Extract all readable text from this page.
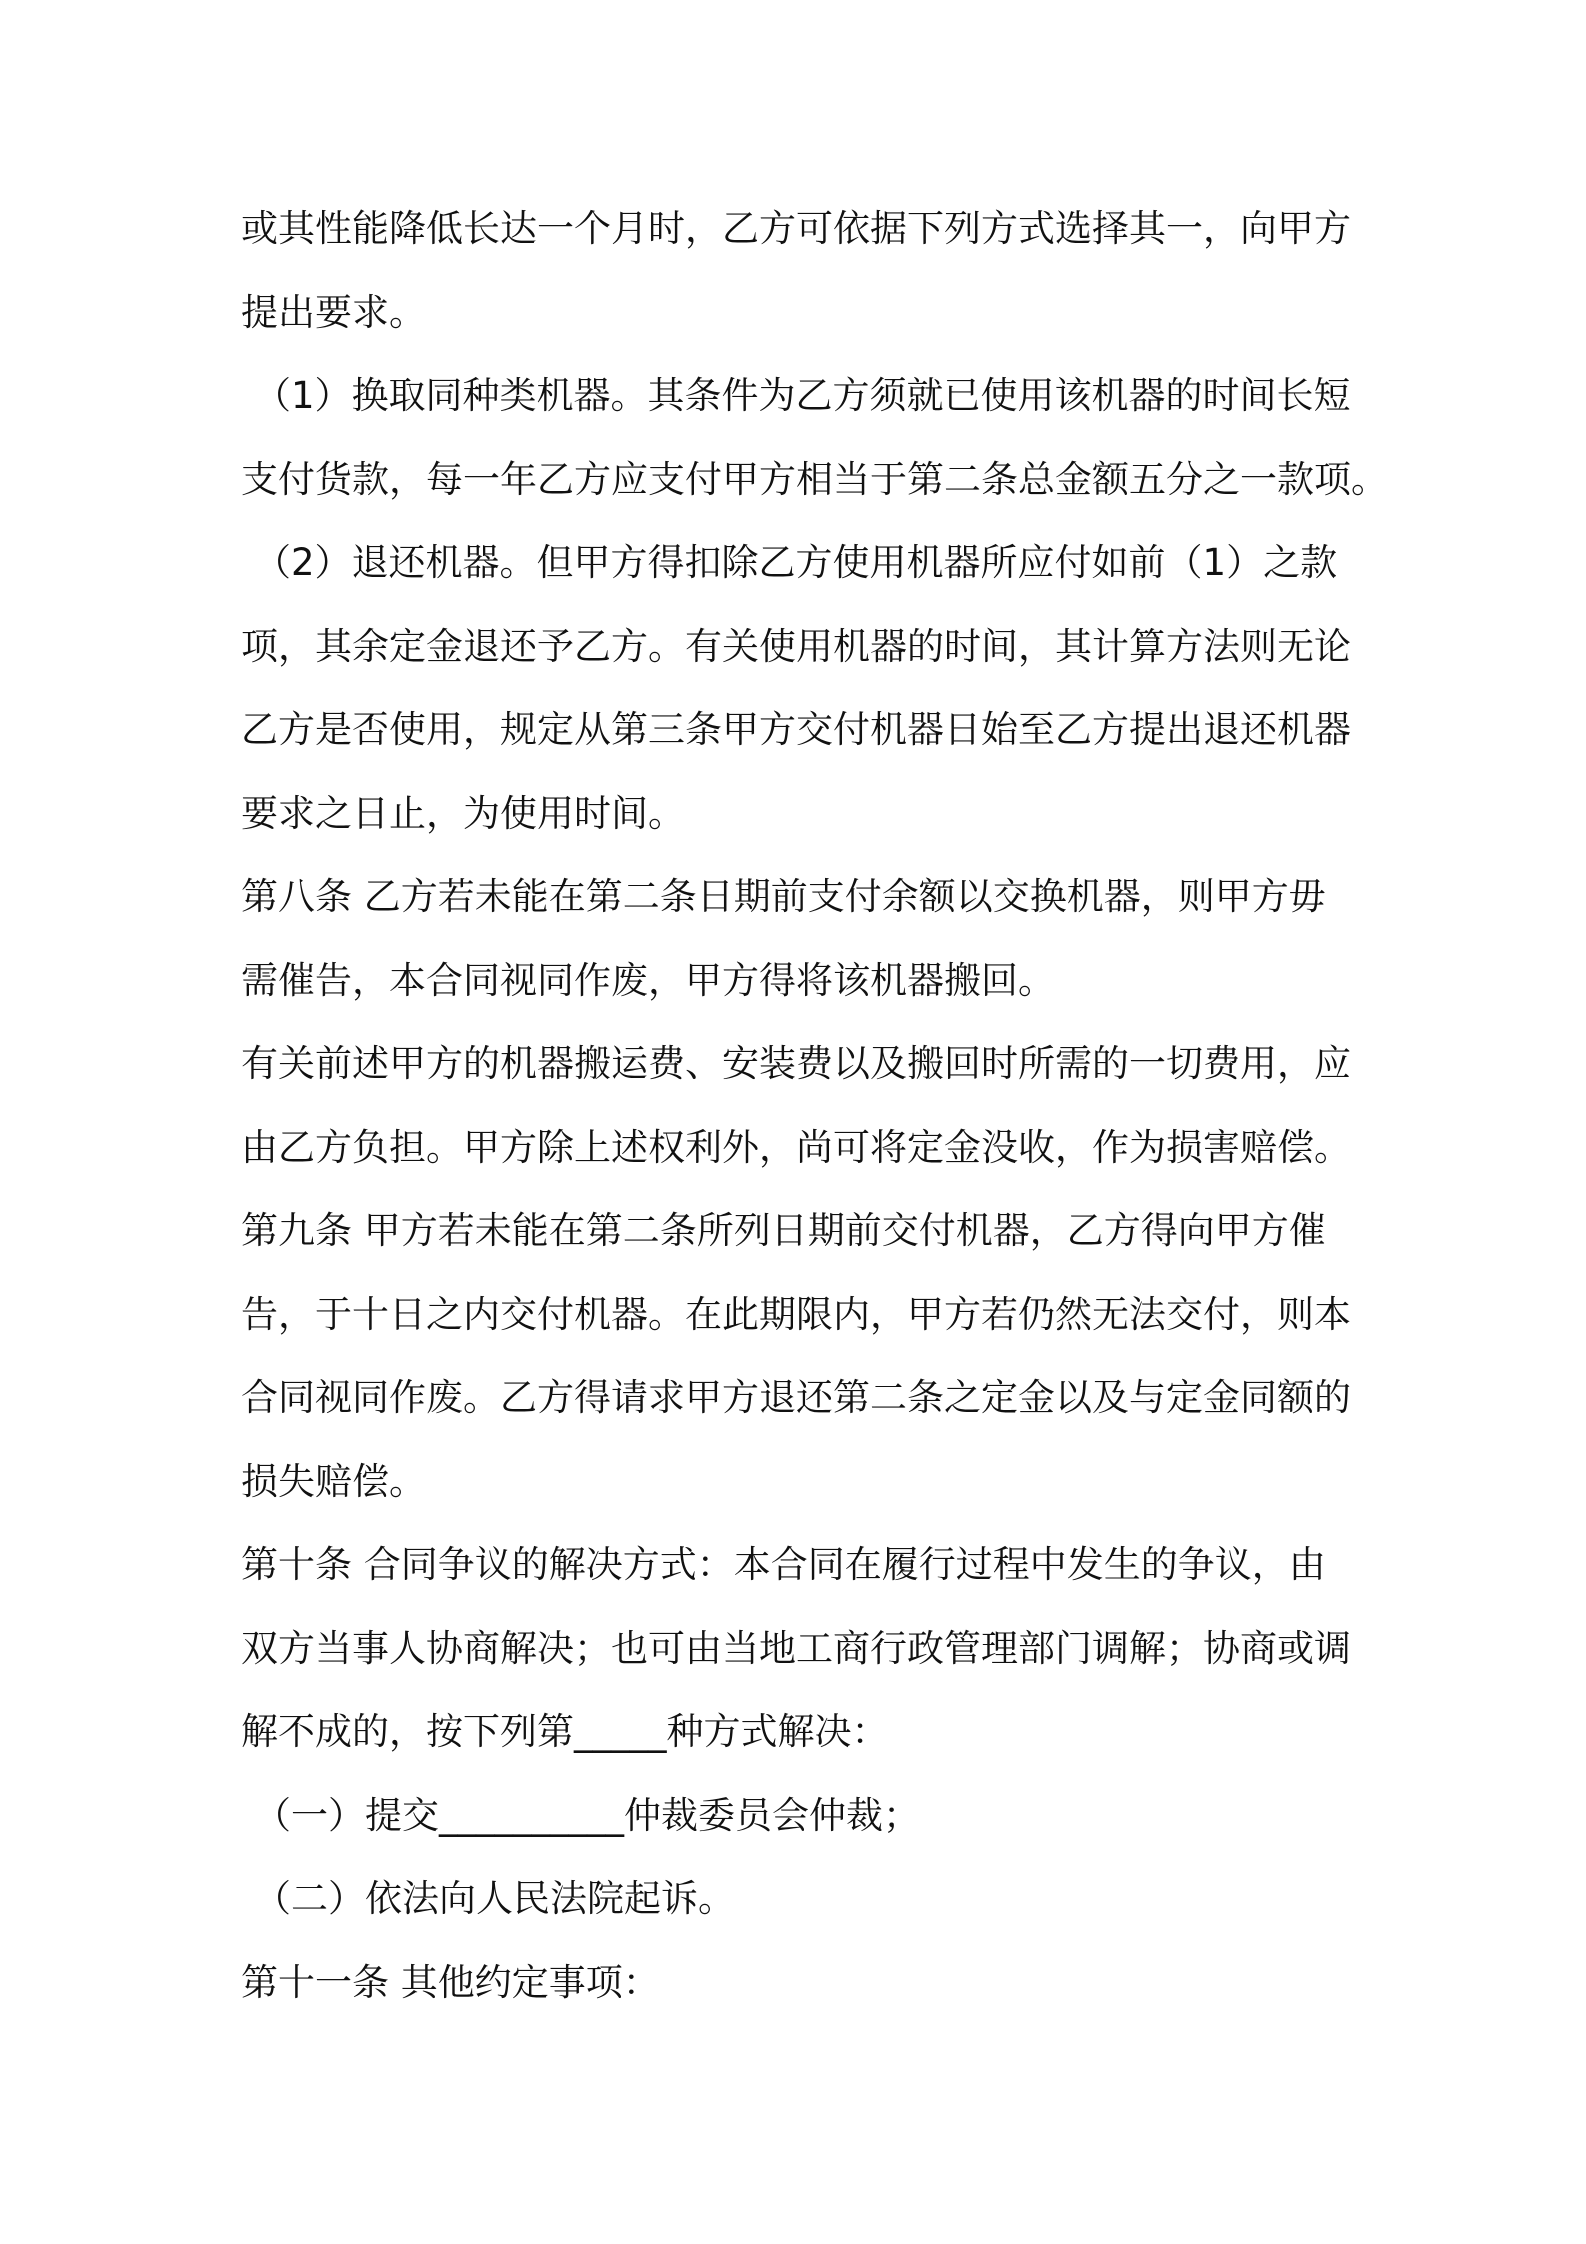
或其性能降低长达一个月时，乙方可依据下列方式选择其一，向甲方
提出要求。
（1）换取同种类机器。其条件为乙方须就已使用该机器的时间长短
支付货款，每一年乙方应支付甲方相当于第二条总金额五分之一款项。
（2）退还机器。但甲方得扣除乙方使用机器所应付如前（1）之款
项，其余定金退还予乙方。有关使用机器的时间，其计算方法则无论
乙方是否使用，规定从第三条甲方交付机器日始至乙方提出退还机器
要求之日止，为使用时间。
第八条 乙方若未能在第二条日期前支付余额以交换机器，则甲方毋
需催告，本合同视同作废，甲方得将该机器搬回。
有关前述甲方的机器搬运费、安装费以及搬回时所需的一切费用，应
由乙方负担。甲方除上述权利外，尚可将定金没收，作为损害赔偿。
第九条 甲方若未能在第二条所列日期前交付机器，乙方得向甲方催
告，于十日之内交付机器。在此期限内，甲方若仍然无法交付，则本
合同视同作废。乙方得请求甲方退还第二条之定金以及与定金同额的
损失赔偿。
第十条 合同争议的解决方式：本合同在履行过程中发生的争议，由
双方当事人协商解决；也可由当地工商行政管理部门调解；协商或调
解不成的，按下列第_____种方式解决：
（一）提交__________仲裁委员会仲裁；
（二）依法向人民法院起诉。
第十一条 其他约定事项：
